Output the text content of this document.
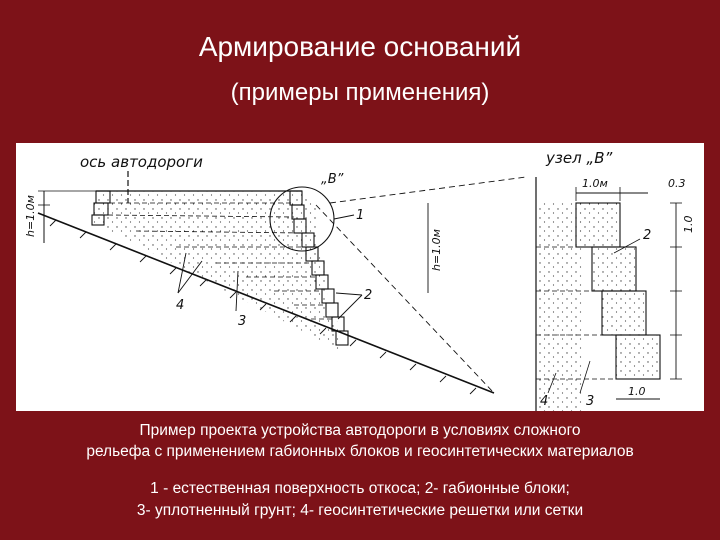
Армирование оснований
(примеры применения)
ось автодороги
„В”
h=1.0м
h=1.0м
1
2
3
4
узел „В”
1.0м	0.3
1.0
1.0
2
3
4
Пример проекта устройства автодороги в условиях сложного
рельефа с применением габионных блоков и геосинтетических материалов
1 - естественная поверхность откоса; 2- габионные блоки;
3- уплотненный грунт; 4- геосинтетические решетки или сетки
